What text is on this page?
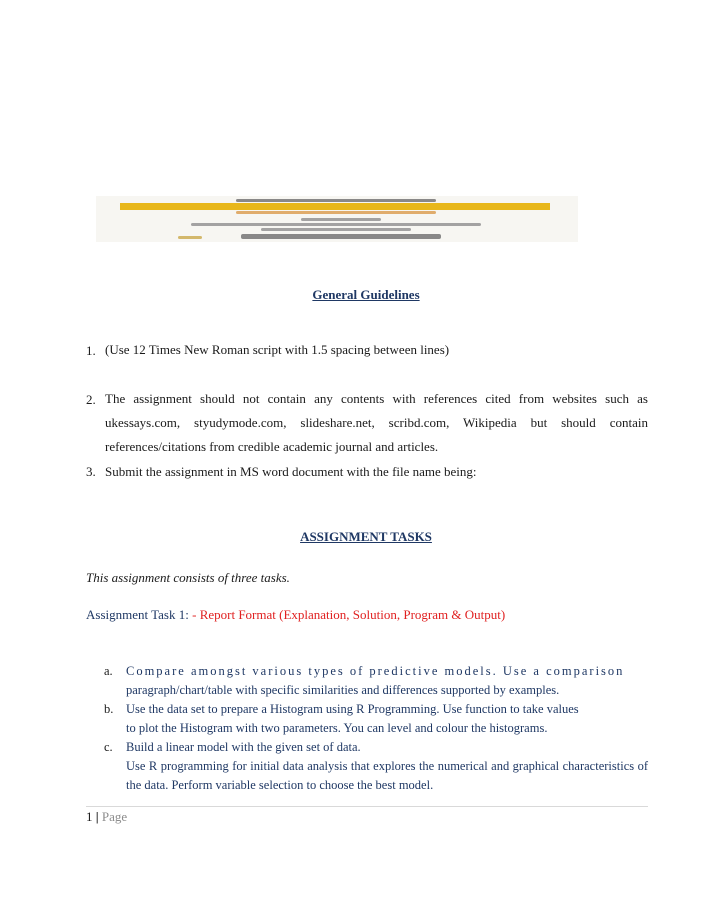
General Guidelines
1. (Use 12 Times New Roman script with 1.5 spacing between lines)
2. The assignment should not contain any contents with references cited from websites such as ukessays.com, styudymode.com, slideshare.net, scribd.com, Wikipedia but should contain references/citations from credible academic journal and articles.
3. Submit the assignment in MS word document with the file name being:
ASSIGNMENT TASKS
This assignment consists of three tasks.
Assignment Task 1: - Report Format (Explanation, Solution, Program & Output)
a. Compare amongst various types of predictive models. Use a comparison
paragraph/chart/table with specific similarities and differences supported by examples.
b. Use the data set to prepare a Histogram using R Programming. Use function to take values
to plot the Histogram with two parameters. You can level and colour the histograms.
c. Build a linear model with the given set of data.
Use R programming for initial data analysis that explores the numerical and graphical characteristics of the data. Perform variable selection to choose the best model.
1 | Page
